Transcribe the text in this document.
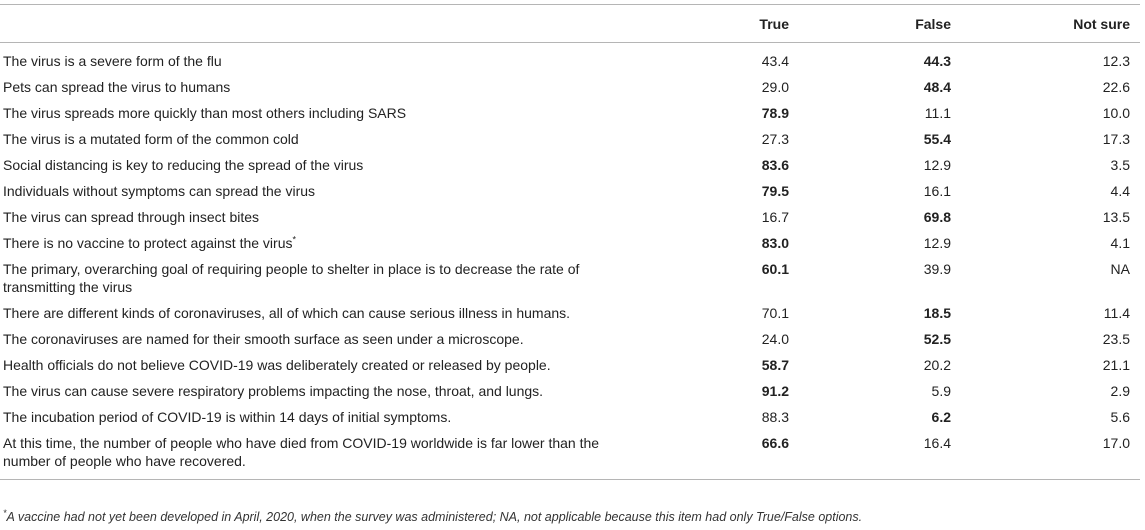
	True	False	Not sure
The virus is a severe form of the flu	43.4	44.3	12.3
Pets can spread the virus to humans	29.0	48.4	22.6
The virus spreads more quickly than most others including SARS	78.9	11.1	10.0
The virus is a mutated form of the common cold	27.3	55.4	17.3
Social distancing is key to reducing the spread of the virus	83.6	12.9	3.5
Individuals without symptoms can spread the virus	79.5	16.1	4.4
The virus can spread through insect bites	16.7	69.8	13.5
There is no vaccine to protect against the virus*	83.0	12.9	4.1
The primary, overarching goal of requiring people to shelter in place is to decrease the rate of transmitting the virus	60.1	39.9	NA
There are different kinds of coronaviruses, all of which can cause serious illness in humans.	70.1	18.5	11.4
The coronaviruses are named for their smooth surface as seen under a microscope.	24.0	52.5	23.5
Health officials do not believe COVID-19 was deliberately created or released by people.	58.7	20.2	21.1
The virus can cause severe respiratory problems impacting the nose, throat, and lungs.	91.2	5.9	2.9
The incubation period of COVID-19 is within 14 days of initial symptoms.	88.3	6.2	5.6
At this time, the number of people who have died from COVID-19 worldwide is far lower than the number of people who have recovered.	66.6	16.4	17.0
*A vaccine had not yet been developed in April, 2020, when the survey was administered; NA, not applicable because this item had only True/False options.
